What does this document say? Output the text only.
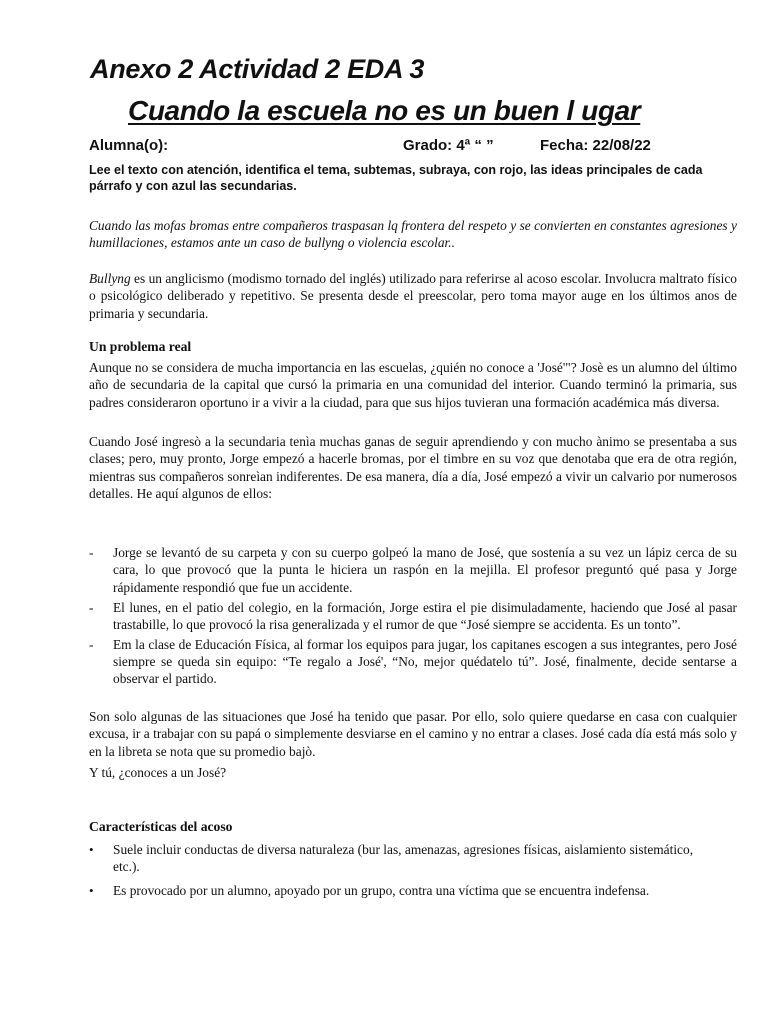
Anexo 2 Actividad 2 EDA 3
Cuando la escuela no es un buen l ugar
Alumna(o):	Grado: 4ª “ ”	Fecha: 22/08/22
Lee el texto con atención, identifica el tema, subtemas, subraya, con rojo, las ideas principales de cada párrafo y con azul las secundarias.
Cuando las mofas bromas entre compañeros traspasan lq frontera del respeto y se convierten en constantes agresiones y humillaciones, estamos ante un caso de bullyng o violencia escolar..
Bullyng es un anglicismo (modismo tornado del inglés) utilizado para referirse al acoso escolar. Involucra maltrato físico o psicológico deliberado y repetitivo. Se presenta desde el preescolar, pero toma mayor auge en los últimos anos de primaria y secundaria.
Un problema real
Aunque no se considera de mucha importancia en las escuelas, ¿quién no conoce a 'José'"? Josè es un alumno del último año de secundaria de la capital que cursó la primaria en una comunidad del interior. Cuando terminó la primaria, sus padres consideraron oportuno ir a vivir a la ciudad, para que sus hijos tuvieran una formación académica más diversa.
Cuando José ingresò a la secundaria tenìa muchas ganas de seguir aprendiendo y con mucho ànimo se presentaba a sus clases; pero, muy pronto, Jorge empezó a hacerle bromas, por el timbre en su voz que denotaba que era de otra región, mientras sus compañeros sonreìan indiferentes. De esa manera, día a día, José empezó a vivir un calvario por numerosos detalles. He aquí algunos de ellos:
- Jorge se levantó de su carpeta y con su cuerpo golpeó la mano de José, que sostenía a su vez un lápiz cerca de su cara, lo que provocó que la punta le hiciera un raspón en la mejilla. El profesor preguntó qué pasa y Jorge rápidamente respondió que fue un accidente.
- El lunes, en el patio del colegio, en la formación, Jorge estira el pie disimuladamente, haciendo que José al pasar trastabille, lo que provocó la risa generalizada y el rumor de que “José siempre se accidenta. Es un tonto”.
- Em la clase de Educación Física, al formar los equipos para jugar, los capitanes escogen a sus integrantes, pero José siempre se queda sin equipo: “Te regalo a José', “No, mejor quédatelo tú”. José, finalmente, decide sentarse a observar el partido.
Son solo algunas de las situaciones que José ha tenido que pasar. Por ello, solo quiere quedarse en casa con cualquier excusa, ir a trabajar con su papá o simplemente desviarse en el camino y no entrar a clases. José cada día está más solo y en la libreta se nota que su promedio bajò.
Y tú, ¿conoces a un José?
Características del acoso
• Suele incluir conductas de diversa naturaleza (bur las, amenazas, agresiones físicas, aislamiento sistemático, etc.).
• Es provocado por un alumno, apoyado por un grupo, contra una víctima que se encuentra indefensa.
